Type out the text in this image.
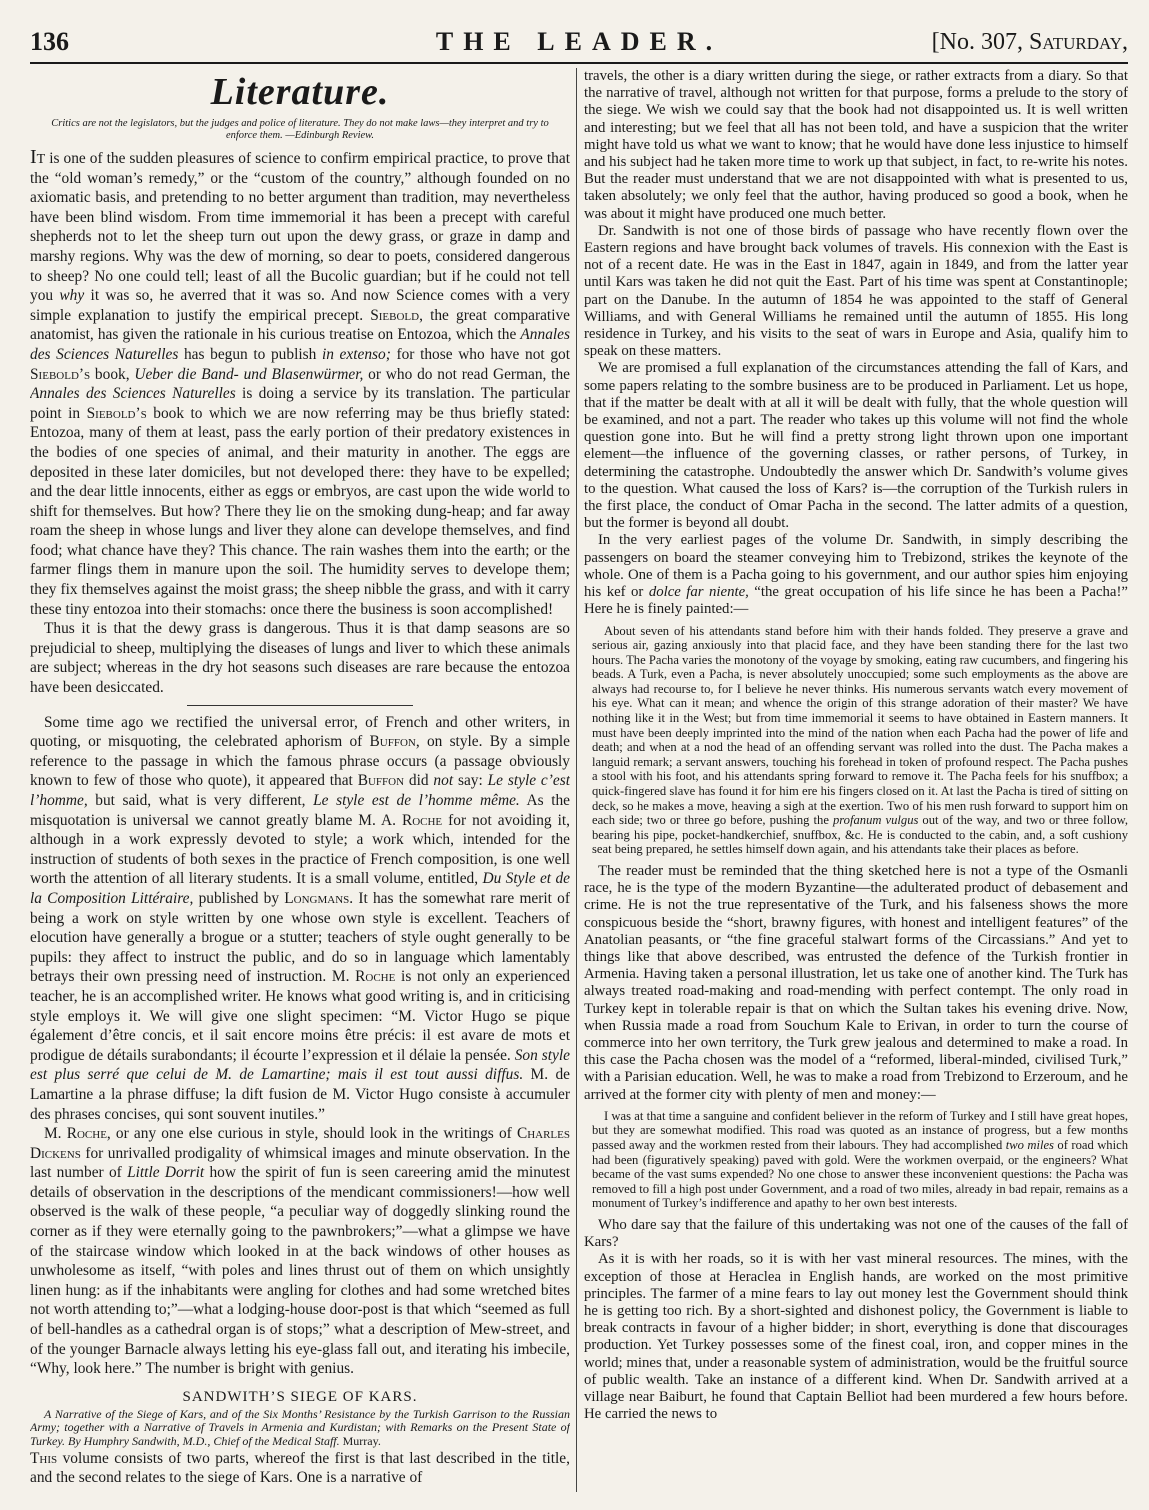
136	THE LEADER.	[No. 307, Saturday,
Literature.
Critics are not the legislators, but the judges and police of literature. They do not make laws—they interpret and try to enforce them. —Edinburgh Review.

It is one of the sudden pleasures of science to confirm empirical practice, to prove that the “old woman’s remedy,” or the “custom of the country,” although founded on no axiomatic basis, and pretending to no better argument than tradition, may nevertheless have been blind wisdom. From time immemorial it has been a precept with careful shepherds not to let the sheep turn out upon the dewy grass, or graze in damp and marshy regions. Why was the dew of morning, so dear to poets, considered dangerous to sheep? No one could tell; least of all the Bucolic guardian; but if he could not tell you why it was so, he averred that it was so. And now Science comes with a very simple explanation to justify the empirical precept. Siebold, the great comparative anatomist, has given the rationale in his curious treatise on Entozoa, which the Annales des Sciences Naturelles has begun to publish in extenso; for those who have not got Siebold’s book, Ueber die Band- und Blasenwürmer, or who do not read German, the Annales des Sciences Naturelles is doing a service by its translation. The particular point in Siebold’s book to which we are now referring may be thus briefly stated: Entozoa, many of them at least, pass the early portion of their predatory existences in the bodies of one species of animal, and their maturity in another. The eggs are deposited in these later domiciles, but not developed there: they have to be expelled; and the dear little innocents, either as eggs or embryos, are cast upon the wide world to shift for themselves. But how? There they lie on the smoking dung-heap; and far away roam the sheep in whose lungs and liver they alone can develope themselves, and find food; what chance have they? This chance. The rain washes them into the earth; or the farmer flings them in manure upon the soil. The humidity serves to develope them; they fix themselves against the moist grass; the sheep nibble the grass, and with it carry these tiny entozoa into their stomachs: once there the business is soon accomplished!

Thus it is that the dewy grass is dangerous. Thus it is that damp seasons are so prejudicial to sheep, multiplying the diseases of lungs and liver to which these animals are subject; whereas in the dry hot seasons such diseases are rare because the entozoa have been desiccated.

Some time ago we rectified the universal error, of French and other writers, in quoting, or misquoting, the celebrated aphorism of Buffon, on style. By a simple reference to the passage in which the famous phrase occurs (a passage obviously known to few of those who quote), it appeared that Buffon did not say: Le style c’est l’homme, but said, what is very different, Le style est de l’homme même. As the misquotation is universal we cannot greatly blame M. A. Roche for not avoiding it, although in a work expressly devoted to style; a work which, intended for the instruction of students of both sexes in the practice of French composition, is one well worth the attention of all literary students. It is a small volume, entitled, Du Style et de la Composition Littéraire, published by Longmans. It has the somewhat rare merit of being a work on style written by one whose own style is excellent. Teachers of elocution have generally a brogue or a stutter; teachers of style ought generally to be pupils: they affect to instruct the public, and do so in language which lamentably betrays their own pressing need of instruction. M. Roche is not only an experienced teacher, he is an accomplished writer. He knows what good writing is, and in criticising style employs it. We will give one slight specimen: “M. Victor Hugo se pique également d’être concis, et il sait encore moins être précis: il est avare de mots et prodigue de détails surabondants; il écourte l’expression et il délaie la pensée. Son style est plus serré que celui de M. de Lamartine; mais il est tout aussi diffus. M. de Lamartine a la phrase diffuse; la dift fusion de M. Victor Hugo consiste à accumuler des phrases concises, qui sont souvent inutiles.”

M. Roche, or any one else curious in style, should look in the writings of Charles Dickens for unrivalled prodigality of whimsical images and minute observation. In the last number of Little Dorrit how the spirit of fun is seen careering amid the minutest details of observation in the descriptions of the mendicant commissioners!—how well observed is the walk of these people, “a peculiar way of doggedly slinking round the corner as if they were eternally going to the pawnbrokers;”—what a glimpse we have of the staircase window which looked in at the back windows of other houses as unwholesome as itself, “with poles and lines thrust out of them on which unsightly linen hung: as if the inhabitants were angling for clothes and had some wretched bites not worth attending to;”—what a lodging-house door-post is that which “seemed as full of bell-handles as a cathedral organ is of stops;” what a description of Mew-street, and of the younger Barnacle always letting his eye-glass fall out, and iterating his imbecile, “Why, look here.” The number is bright with genius.

SANDWITH’S SIEGE OF KARS.

A Narrative of the Siege of Kars, and of the Six Months’ Resistance by the Turkish Garrison to the Russian Army; together with a Narrative of Travels in Armenia and Kurdistan; with Remarks on the Present State of Turkey. By Humphry Sandwith, M.D., Chief of the Medical Staff. Murray.

This volume consists of two parts, whereof the first is that last described in the title, and the second relates to the siege of Kars. One is a narrative of

travels, the other is a diary written during the siege, or rather extracts from a diary. So that the narrative of travel, although not written for that purpose, forms a prelude to the story of the siege. We wish we could say that the book had not disappointed us. It is well written and interesting; but we feel that all has not been told, and have a suspicion that the writer might have told us what we want to know; that he would have done less injustice to himself and his subject had he taken more time to work up that subject, in fact, to re-write his notes. But the reader must understand that we are not disappointed with what is presented to us, taken absolutely; we only feel that the author, having produced so good a book, when he was about it might have produced one much better.

Dr. Sandwith is not one of those birds of passage who have recently flown over the Eastern regions and have brought back volumes of travels. His connexion with the East is not of a recent date. He was in the East in 1847, again in 1849, and from the latter year until Kars was taken he did not quit the East. Part of his time was spent at Constantinople; part on the Danube. In the autumn of 1854 he was appointed to the staff of General Williams, and with General Williams he remained until the autumn of 1855. His long residence in Turkey, and his visits to the seat of wars in Europe and Asia, qualify him to speak on these matters.

We are promised a full explanation of the circumstances attending the fall of Kars, and some papers relating to the sombre business are to be produced in Parliament. Let us hope, that if the matter be dealt with at all it will be dealt with fully, that the whole question will be examined, and not a part. The reader who takes up this volume will not find the whole question gone into. But he will find a pretty strong light thrown upon one important element—the influence of the governing classes, or rather persons, of Turkey, in determining the catastrophe. Undoubtedly the answer which Dr. Sandwith’s volume gives to the question. What caused the loss of Kars? is—the corruption of the Turkish rulers in the first place, the conduct of Omar Pacha in the second. The latter admits of a question, but the former is beyond all doubt.

In the very earliest pages of the volume Dr. Sandwith, in simply describing the passengers on board the steamer conveying him to Trebizond, strikes the keynote of the whole. One of them is a Pacha going to his government, and our author spies him enjoying his kef or dolce far niente, “the great occupation of his life since he has been a Pacha!” Here he is finely painted:—

About seven of his attendants stand before him with their hands folded. They preserve a grave and serious air, gazing anxiously into that placid face, and they have been standing there for the last two hours. The Pacha varies the monotony of the voyage by smoking, eating raw cucumbers, and fingering his beads. A Turk, even a Pacha, is never absolutely unoccupied; some such employments as the above are always had recourse to, for I believe he never thinks. His numerous servants watch every movement of his eye. What can it mean; and whence the origin of this strange adoration of their master? We have nothing like it in the West; but from time immemorial it seems to have obtained in Eastern manners. It must have been deeply imprinted into the mind of the nation when each Pacha had the power of life and death; and when at a nod the head of an offending servant was rolled into the dust. The Pacha makes a languid remark; a servant answers, touching his forehead in token of profound respect. The Pacha pushes a stool with his foot, and his attendants spring forward to remove it. The Pacha feels for his snuffbox; a quick-fingered slave has found it for him ere his fingers closed on it. At last the Pacha is tired of sitting on deck, so he makes a move, heaving a sigh at the exertion. Two of his men rush forward to support him on each side; two or three go before, pushing the profanum vulgus out of the way, and two or three follow, bearing his pipe, pocket-handkerchief, snuffbox, &c. He is conducted to the cabin, and, a soft cushiony seat being prepared, he settles himself down again, and his attendants take their places as before.

The reader must be reminded that the thing sketched here is not a type of the Osmanli race, he is the type of the modern Byzantine—the adulterated product of debasement and crime. He is not the true representative of the Turk, and his falseness shows the more conspicuous beside the “short, brawny figures, with honest and intelligent features” of the Anatolian peasants, or “the fine graceful stalwart forms of the Circassians.” And yet to things like that above described, was entrusted the defence of the Turkish frontier in Armenia. Having taken a personal illustration, let us take one of another kind. The Turk has always treated road-making and road-mending with perfect contempt. The only road in Turkey kept in tolerable repair is that on which the Sultan takes his evening drive. Now, when Russia made a road from Souchum Kale to Erivan, in order to turn the course of commerce into her own territory, the Turk grew jealous and determined to make a road. In this case the Pacha chosen was the model of a “reformed, liberal-minded, civilised Turk,” with a Parisian education. Well, he was to make a road from Trebizond to Erzeroum, and he arrived at the former city with plenty of men and money:—

I was at that time a sanguine and confident believer in the reform of Turkey and I still have great hopes, but they are somewhat modified. This road was quoted as an instance of progress, but a few months passed away and the workmen rested from their labours. They had accomplished two miles of road which had been (figuratively speaking) paved with gold. Were the workmen overpaid, or the engineers? What became of the vast sums expended? No one chose to answer these inconvenient questions: the Pacha was removed to fill a high post under Government, and a road of two miles, already in bad repair, remains as a monument of Turkey’s indifference and apathy to her own best interests.

Who dare say that the failure of this undertaking was not one of the causes of the fall of Kars?

As it is with her roads, so it is with her vast mineral resources. The mines, with the exception of those at Heraclea in English hands, are worked on the most primitive principles. The farmer of a mine fears to lay out money lest the Government should think he is getting too rich. By a short-sighted and dishonest policy, the Government is liable to break contracts in favour of a higher bidder; in short, everything is done that discourages production. Yet Turkey possesses some of the finest coal, iron, and copper mines in the world; mines that, under a reasonable system of administration, would be the fruitful source of public wealth. Take an instance of a different kind. When Dr. Sandwith arrived at a village near Baiburt, he found that Captain Belliot had been murdered a few hours before. He carried the news to
